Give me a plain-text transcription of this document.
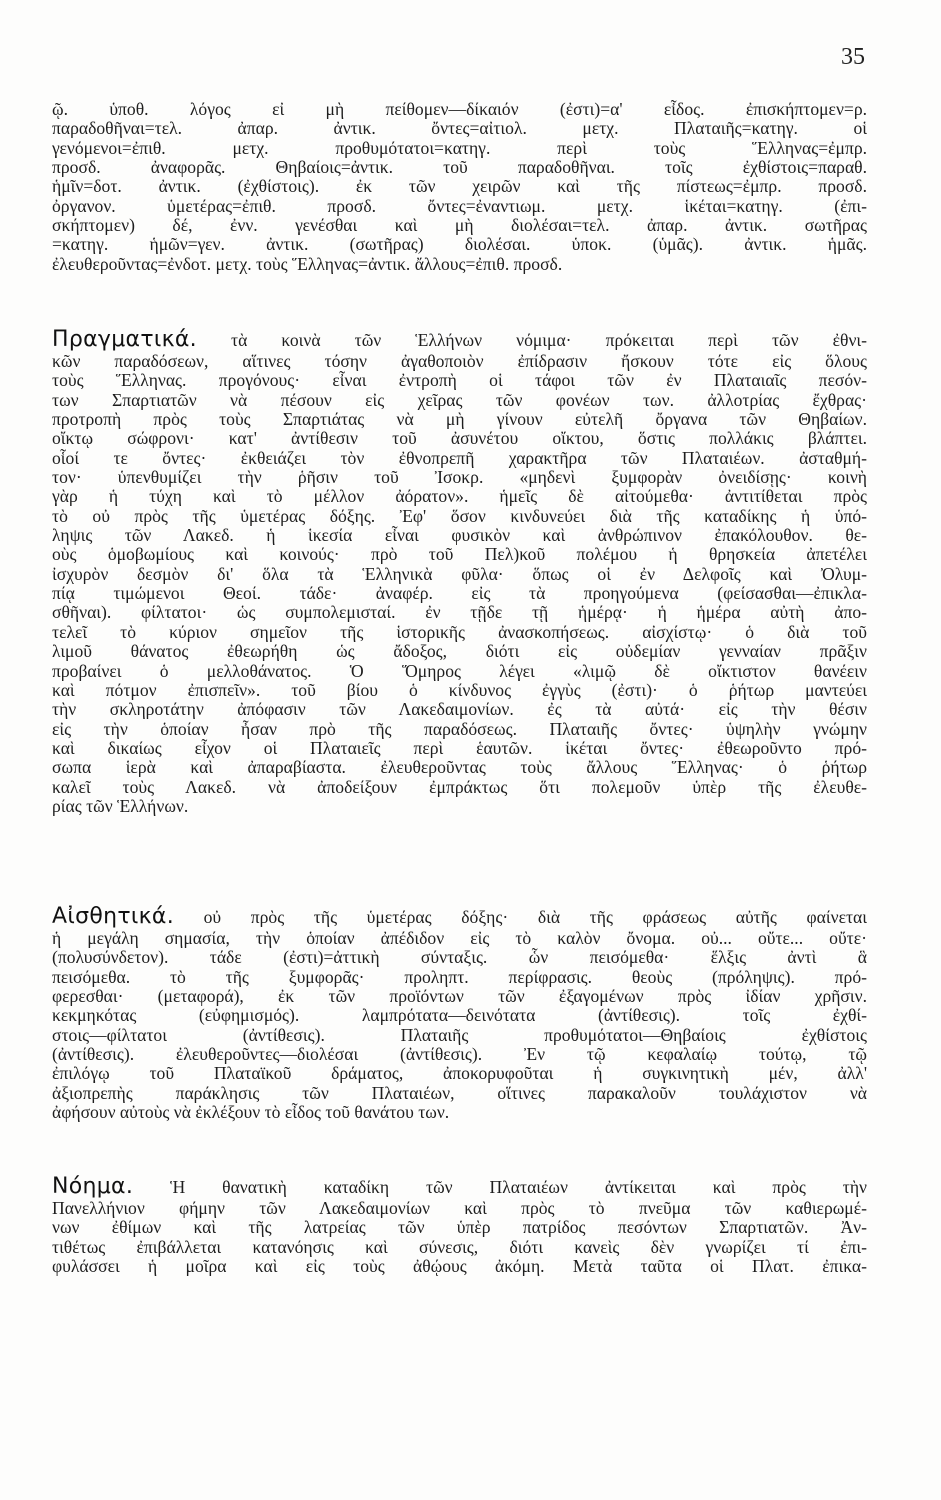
35
ῷ. ὑποθ. λόγος εἰ μὴ πείθομεν—δίκαιόν (ἐστι)=α' εἶδος. ἐπισκήπτομεν=ρ.
παραδοθῆναι=τελ. ἀπαρ. ἀντικ. ὄντες=αἰτιολ. μετχ. Πλαταιῆς=κατηγ. οἱ
γενόμενοι=ἐπιθ. μετχ. προθυμότατοι=κατηγ. περὶ τοὺς Ἕλληνας=ἐμπρ.
προσδ. ἀναφορᾶς. Θηβαίοις=ἀντικ. τοῦ παραδοθῆναι. τοῖς ἐχθίστοις=παραθ.
ἡμῖν=δοτ. ἀντικ. (ἐχθίστοις). ἐκ τῶν χειρῶν καὶ τῆς πίστεως=ἐμπρ. προσδ.
ὀργανον. ὑμετέρας=ἐπιθ. προσδ. ὄντες=ἐναντιωμ. μετχ. ἱκέται=κατηγ. (ἐπι-
σκήπτομεν) δέ, ἐνν. γενέσθαι καὶ μὴ διολέσαι=τελ. ἀπαρ. ἀντικ. σωτῆρας
=κατηγ. ἡμῶν=γεν. ἀντικ. (σωτῆρας) διολέσαι. ὑποκ. (ὑμᾶς). ἀντικ. ἡμᾶς.
ἐλευθεροῦντας=ἐνδοτ. μετχ. τοὺς Ἕλληνας=ἀντικ. ἄλλους=ἐπιθ. προσδ.
Πραγματικά. τὰ κοινὰ τῶν Ἑλλήνων νόμιμα· πρόκειται περὶ τῶν ἐθνι-
κῶν παραδόσεων, αἵτινες τόσην ἀγαθοποιὸν ἐπίδρασιν ἤσκουν τότε εἰς ὅλους
τοὺς Ἕλληνας. προγόνους· εἶναι ἐντροπὴ οἱ τάφοι τῶν ἐν Πλαταιαῖς πεσόν-
των Σπαρτιατῶν νὰ πέσουν εἰς χεῖρας τῶν φονέων των. ἀλλοτρίας ἔχθρας·
προτροπὴ πρὸς τοὺς Σπαρτιάτας νὰ μὴ γίνουν εὐτελῆ ὄργανα τῶν Θηβαίων.
οἴκτῳ σώφρονι· κατ' ἀντίθεσιν τοῦ ἀσυνέτου οἴκτου, ὅστις πολλάκις βλάπτει.
οἷοί τε ὄντες· ἐκθειάζει τὸν ἐθνοπρεπῆ χαρακτῆρα τῶν Πλαταιέων. ἀσταθμή-
τον· ὑπενθυμίζει τὴν ῥῆσιν τοῦ Ἰσοκρ. «μηδενὶ ξυμφορὰν ὀνειδίσῃς· κοινὴ
γὰρ ἡ τύχη καὶ τὸ μέλλον ἀόρατον». ἡμεῖς δὲ αἰτούμεθα· ἀντιτίθεται πρὸς
τὸ οὐ πρὸς τῆς ὑμετέρας δόξης. Ἐφ' ὅσον κινδυνεύει διὰ τῆς καταδίκης ἡ ὑπό-
ληψις τῶν Λακεδ. ἡ ἱκεσία εἶναι φυσικὸν καὶ ἀνθρώπινον ἐπακόλουθον. θε-
οὺς ὁμοβωμίους καὶ κοινούς· πρὸ τοῦ Πελ)κοῦ πολέμου ἡ θρησκεία ἀπετέλει
ἰσχυρὸν δεσμὸν δι' ὅλα τὰ Ἑλληνικὰ φῦλα· ὅπως οἱ ἐν Δελφοῖς καὶ Ὀλυμ-
πίᾳ τιμώμενοι Θεοί. τάδε· ἀναφέρ. εἰς τὰ προηγούμενα (φείσασθαι—ἐπικλα-
σθῆναι). φίλτατοι· ὡς συμπολεμισταί. ἐν τῇδε τῇ ἡμέρᾳ· ἡ ἡμέρα αὐτὴ ἀπο-
τελεῖ τὸ κύριον σημεῖον τῆς ἱστορικῆς ἀνασκοπήσεως. αἰσχίστῳ· ὁ διὰ τοῦ
λιμοῦ θάνατος ἐθεωρήθη ὡς ἄδοξος, διότι εἰς οὐδεμίαν γενναίαν πρᾶξιν
προβαίνει ὁ μελλοθάνατος. Ὁ Ὅμηρος λέγει «λιμῷ δὲ οἴκτιστον θανέειν
καὶ πότμον ἐπισπεῖν». τοῦ βίου ὁ κίνδυνος ἐγγὺς (ἐστι)· ὁ ῥήτωρ μαντεύει
τὴν σκληροτάτην ἀπόφασιν τῶν Λακεδαιμονίων. ἐς τὰ αὐτά· εἰς τὴν θέσιν
εἰς τὴν ὁποίαν ἦσαν πρὸ τῆς παραδόσεως. Πλαταιῆς ὄντες· ὑψηλὴν γνώμην
καὶ δικαίως εἶχον οἱ Πλαταιεῖς περὶ ἑαυτῶν. ἱκέται ὄντες· ἐθεωροῦντο πρό-
σωπα ἱερὰ καὶ ἀπαραβίαστα. ἐλευθεροῦντας τοὺς ἄλλους Ἕλληνας· ὁ ῥήτωρ
καλεῖ τοὺς Λακεδ. νὰ ἀποδείξουν ἐμπράκτως ὅτι πολεμοῦν ὑπὲρ τῆς ἐλευθε-
ρίας τῶν Ἑλλήνων.
Αἰσθητικά. οὐ πρὸς τῆς ὑμετέρας δόξης· διὰ τῆς φράσεως αὐτῆς φαίνεται
ἡ μεγάλη σημασία, τὴν ὁποίαν ἀπέδιδον εἰς τὸ καλὸν ὄνομα. οὐ... οὔτε... οὔτε·
(πολυσύνδετον). τάδε (ἐστι)=ἀττικὴ σύνταξις. ὧν πεισόμεθα· ἕλξις ἀντὶ ἃ
πεισόμεθα. τὸ τῆς ξυμφορᾶς· προληπτ. περίφρασις. θεοὺς (πρόληψις). πρό-
φερεσθαι· (μεταφορά), ἐκ τῶν προϊόντων τῶν ἐξαγομένων πρὸς ἰδίαν χρῆσιν.
κεκμηκότας (εὐφημισμός). λαμπρότατα—δεινότατα (ἀντίθεσις). τοῖς ἐχθί-
στοις—φίλτατοι (ἀντίθεσις). Πλαταιῆς προθυμότατοι—Θηβαίοις ἐχθίστοις
(ἀντίθεσις). ἐλευθεροῦντες—διολέσαι (ἀντίθεσις). Ἐν τῷ κεφαλαίῳ τούτῳ, τῷ
ἐπιλόγῳ τοῦ Πλαταϊκοῦ δράματος, ἀποκορυφοῦται ἡ συγκινητικὴ μέν, ἀλλ'
ἀξιοπρεπὴς παράκλησις τῶν Πλαταιέων, οἵτινες παρακαλοῦν τουλάχιστον νὰ
ἀφήσουν αὐτοὺς νὰ ἐκλέξουν τὸ εἶδος τοῦ θανάτου των.
Νόημα. Ἡ θανατικὴ καταδίκη τῶν Πλαταιέων ἀντίκειται καὶ πρὸς τὴν
Πανελλήνιον φήμην τῶν Λακεδαιμονίων καὶ πρὸς τὸ πνεῦμα τῶν καθιερωμέ-
νων ἐθίμων καὶ τῆς λατρείας τῶν ὑπὲρ πατρίδος πεσόντων Σπαρτιατῶν. Ἀν-
τιθέτως ἐπιβάλλεται κατανόησις καὶ σύνεσις, διότι κανεὶς δὲν γνωρίζει τί ἐπι-
φυλάσσει ἡ μοῖρα καὶ εἰς τοὺς ἀθῴους ἀκόμη. Μετὰ ταῦτα οἱ Πλατ. ἐπικα-
